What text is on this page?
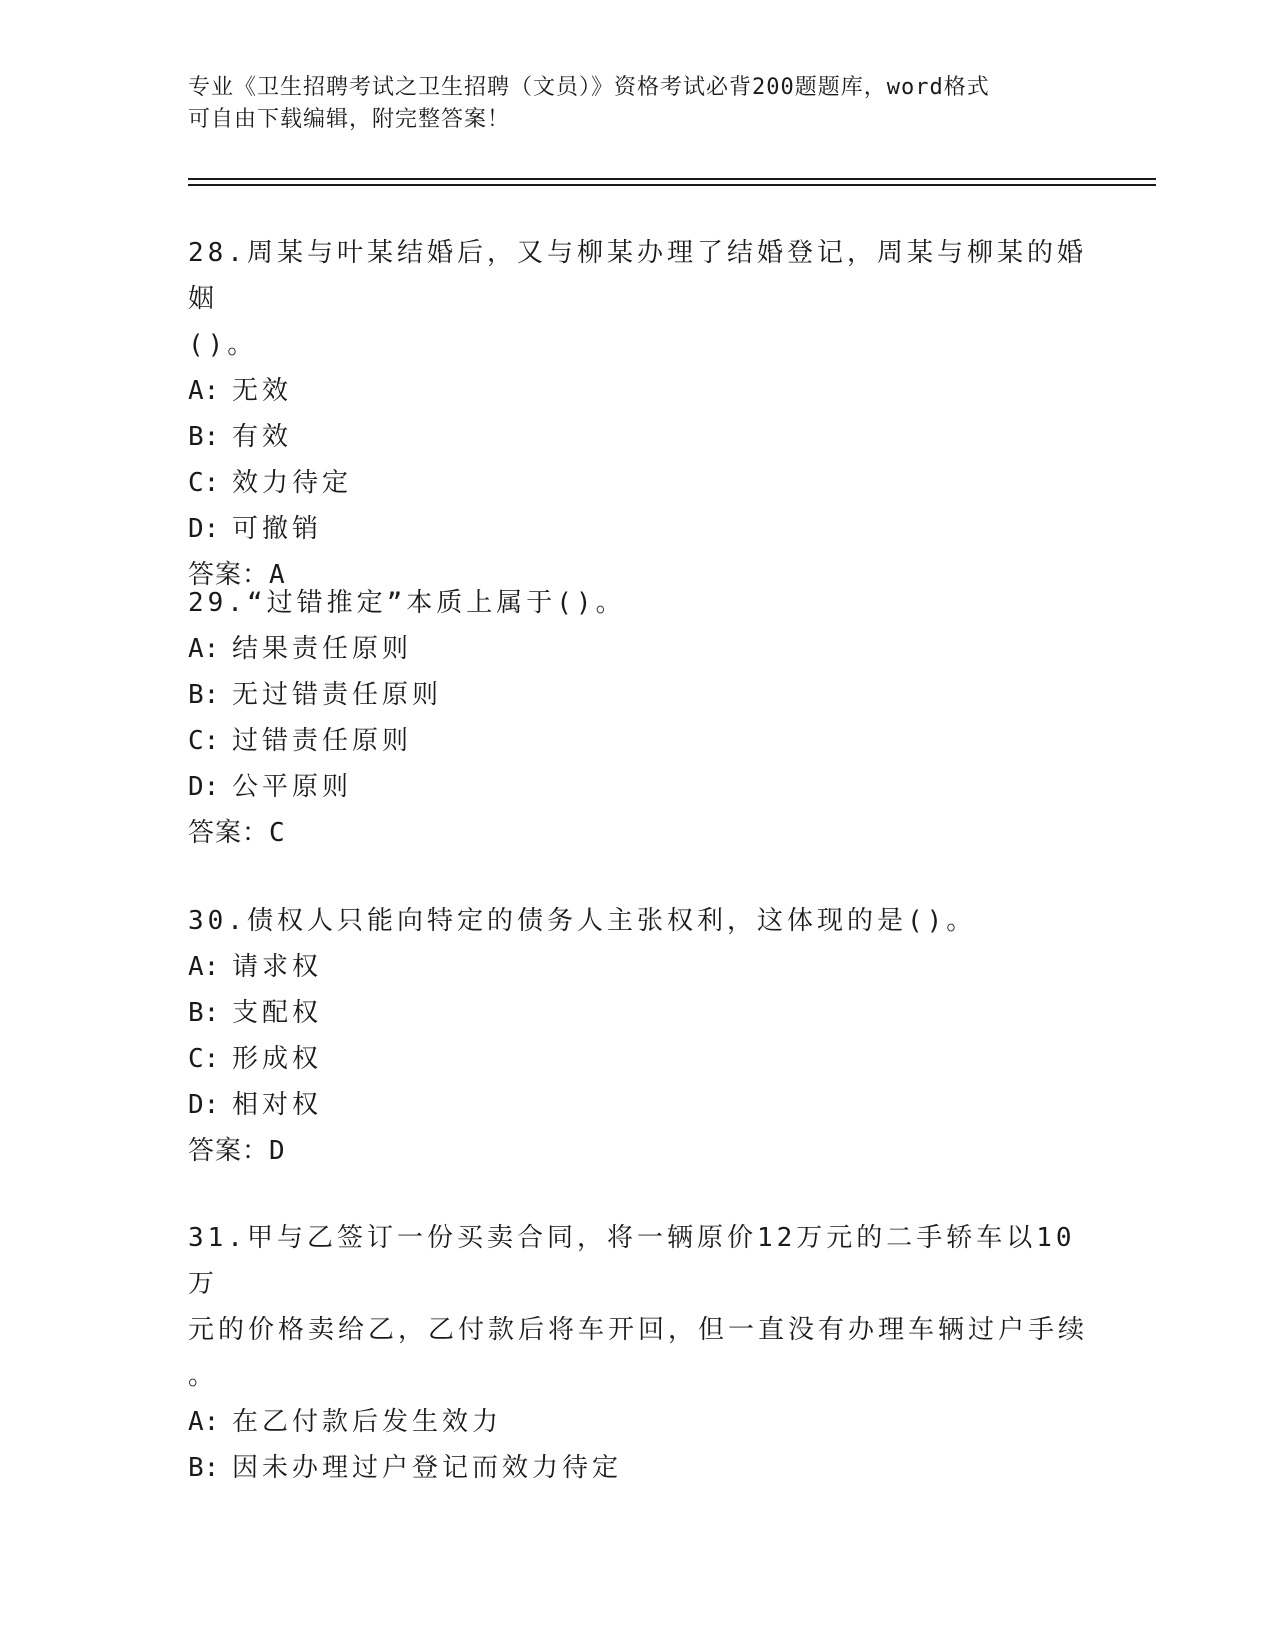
专业《卫生招聘考试之卫生招聘（文员）》资格考试必背200题题库，word格式
可自由下载编辑，附完整答案！

28.周某与叶某结婚后，又与柳某办理了结婚登记，周某与柳某的婚姻
()。

A: 无效

B: 有效

C: 效力待定

D: 可撤销

答案：A

29.“过错推定”本质上属于()。

A: 结果责任原则

B: 无过错责任原则

C: 过错责任原则

D: 公平原则

答案：C

30.债权人只能向特定的债务人主张权利，这体现的是()。

A: 请求权

B: 支配权

C: 形成权

D: 相对权

答案：D

31.甲与乙签订一份买卖合同，将一辆原价12万元的二手轿车以10万
元的价格卖给乙，乙付款后将车开回，但一直没有办理车辆过户手续
。

A: 在乙付款后发生效力

B: 因未办理过户登记而效力待定
